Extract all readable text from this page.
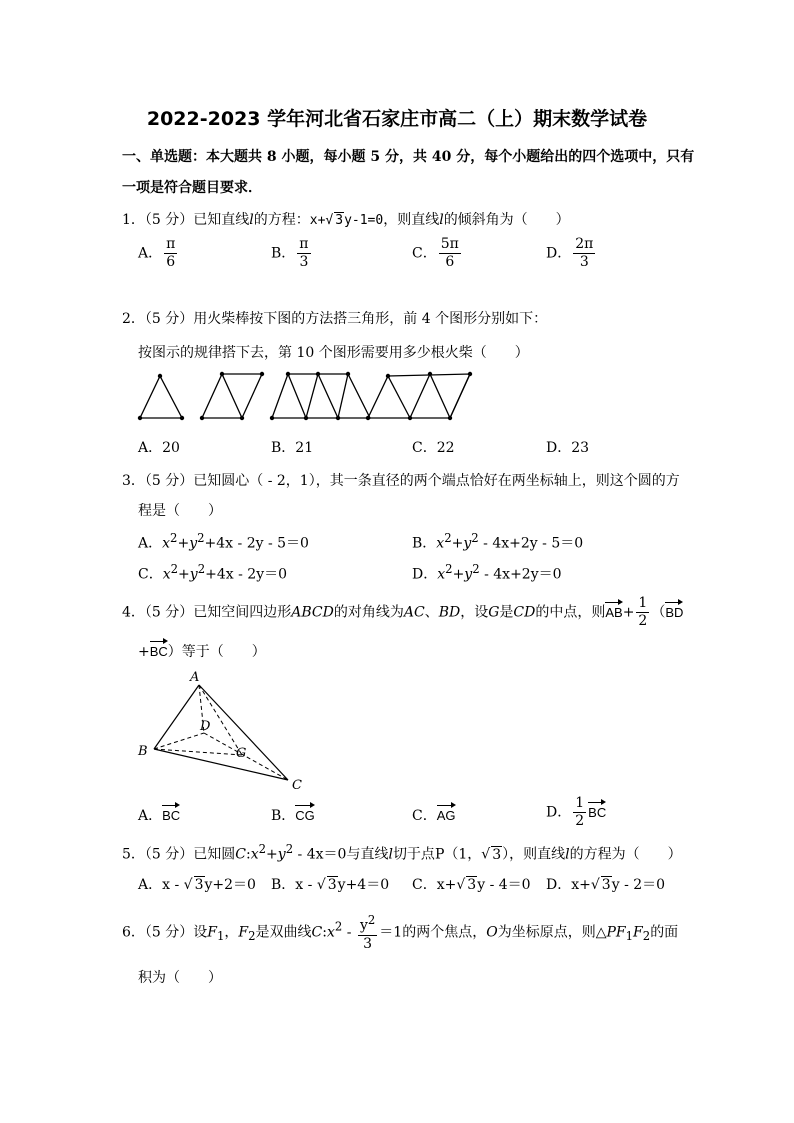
2022-2023 学年河北省石家庄市高二（上）期末数学试卷
一、单选题：本大题共 8 小题，每小题 5 分，共 40 分，每个小题给出的四个选项中，只有
一项是符合题目要求．
1．（5 分）已知直线l的方程：x+√ 3y-1=0，则直线l的倾斜角为（　　）
A． $\frac{\pi}{6}$	B． $\frac{\pi}{3}$	C． $\frac{5\pi}{6}$	D． $\frac{2\pi}{3}$
2．（5 分）用火柴棒按下图的方法搭三角形，前 4 个图形分别如下：
按图示的规律搭下去，第 10 个图形需要用多少根火柴（　　）
A．20	B．21	C．22	D．23
3．（5 分）已知圆心（ - 2，1），其一条直径的两个端点恰好在两坐标轴上，则这个圆的方
程是（　　）
A．$x^2+y^2+4x - 2y - 5=0$	B．$x^2+y^2 - 4x+2y - 5=0$
C．$x^2+y^2+4x - 2y=0$	D．$x^2+y^2 - 4x+2y=0$
4．（5 分）已知空间四边形ABCD的对角线为AC、BD，设G是CD的中点，则$AB+ \frac{1}{2} (BD$
+BC）等于（　　）
A
B
C
D
G
A．BC	B．CG	C．AG	D． $\frac{1}{2}$ BC
5．（5 分）已知圆$C:x^2+y^2 - 4x=0$与直线l切于点P（1，√ 3），则直线l的方程为（　　）
A．x - √ 3y+2＝0 B．x - √ 3y+4＝0 C．x+√ 3y - 4＝0 D．x+√ 3y - 2＝0
6．（5 分）设$F_1$，$F_2$是双曲线$C:x^2 - \frac{y^2}{3} =1$的两个焦点，O为坐标原点，则$\triangle PF_1F_2$的面
积为（　　）
